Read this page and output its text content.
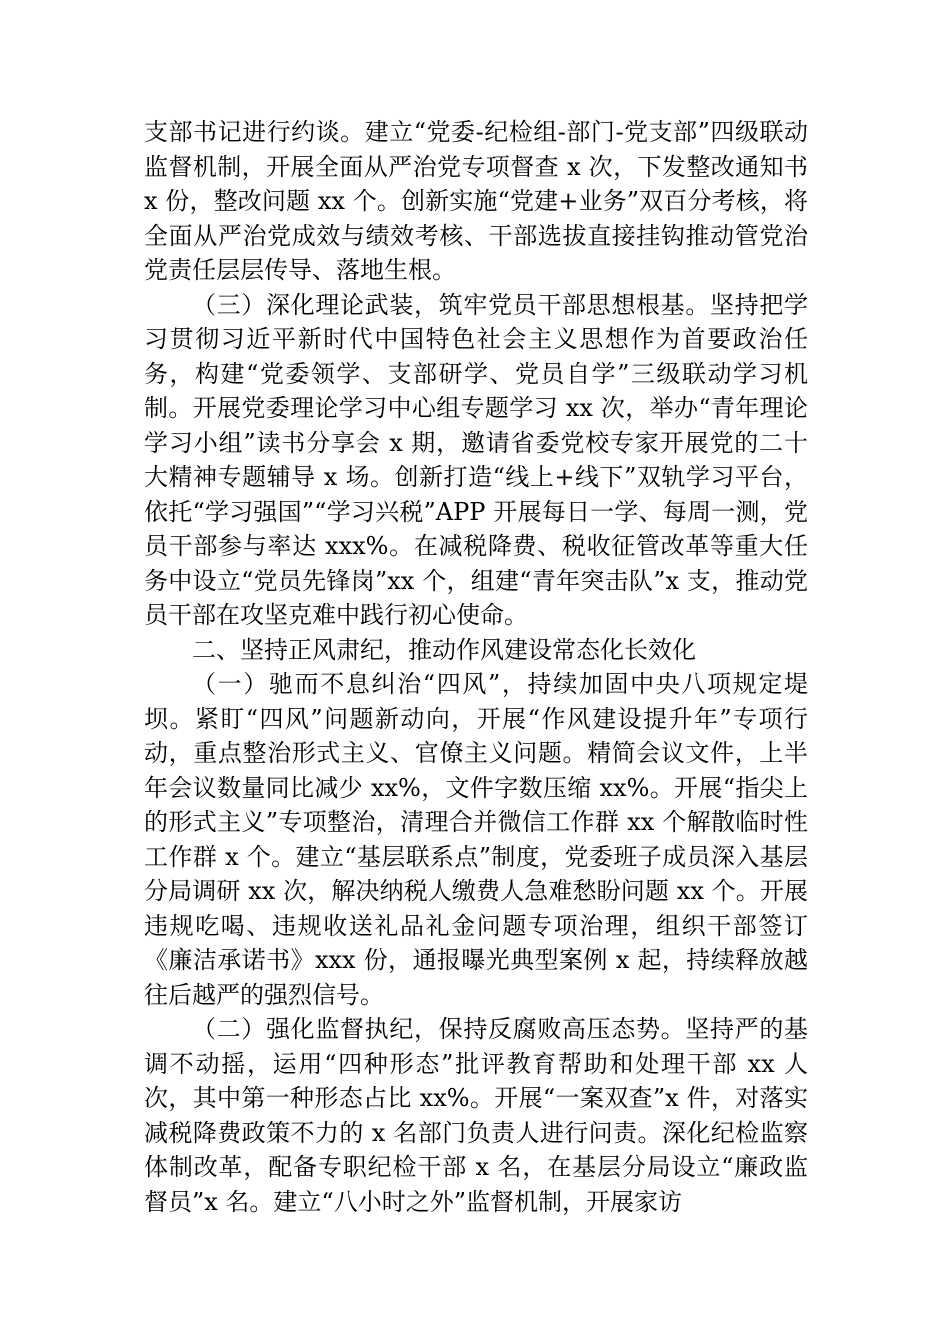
支部书记进行约谈。建立“党委-纪检组-部门-党支部”四级联动监督机制，开展全面从严治党专项督查 x 次，下发整改通知书 x 份，整改问题 xx 个。创新实施“党建+业务”双百分考核，将全面从严治党成效与绩效考核、干部选拔直接挂钩推动管党治党责任层层传导、落地生根。

（三）深化理论武装，筑牢党员干部思想根基。坚持把学习贯彻习近平新时代中国特色社会主义思想作为首要政治任务，构建“党委领学、支部研学、党员自学”三级联动学习机制。开展党委理论学习中心组专题学习 xx 次，举办“青年理论学习小组”读书分享会 x 期，邀请省委党校专家开展党的二十大精神专题辅导 x 场。创新打造“线上+线下”双轨学习平台，依托“学习强国”“学习兴税”APP 开展每日一学、每周一测，党员干部参与率达 xxx%。在减税降费、税收征管改革等重大任务中设立“党员先锋岗”xx 个，组建“青年突击队”x 支，推动党员干部在攻坚克难中践行初心使命。

二、坚持正风肃纪，推动作风建设常态化长效化

（一）驰而不息纠治“四风”，持续加固中央八项规定堤坝。紧盯“四风”问题新动向，开展“作风建设提升年”专项行动，重点整治形式主义、官僚主义问题。精简会议文件，上半年会议数量同比减少 xx%，文件字数压缩 xx%。开展“指尖上的形式主义”专项整治，清理合并微信工作群 xx 个解散临时性工作群 x 个。建立“基层联系点”制度，党委班子成员深入基层分局调研 xx 次，解决纳税人缴费人急难愁盼问题 xx 个。开展违规吃喝、违规收送礼品礼金问题专项治理，组织干部签订《廉洁承诺书》xxx 份，通报曝光典型案例 x 起，持续释放越往后越严的强烈信号。

（二）强化监督执纪，保持反腐败高压态势。坚持严的基调不动摇，运用“四种形态”批评教育帮助和处理干部 xx 人次，其中第一种形态占比 xx%。开展“一案双查”x 件，对落实减税降费政策不力的 x 名部门负责人进行问责。深化纪检监察体制改革，配备专职纪检干部 x 名，在基层分局设立“廉政监督员”x 名。建立“八小时之外”监督机制，开展家访
